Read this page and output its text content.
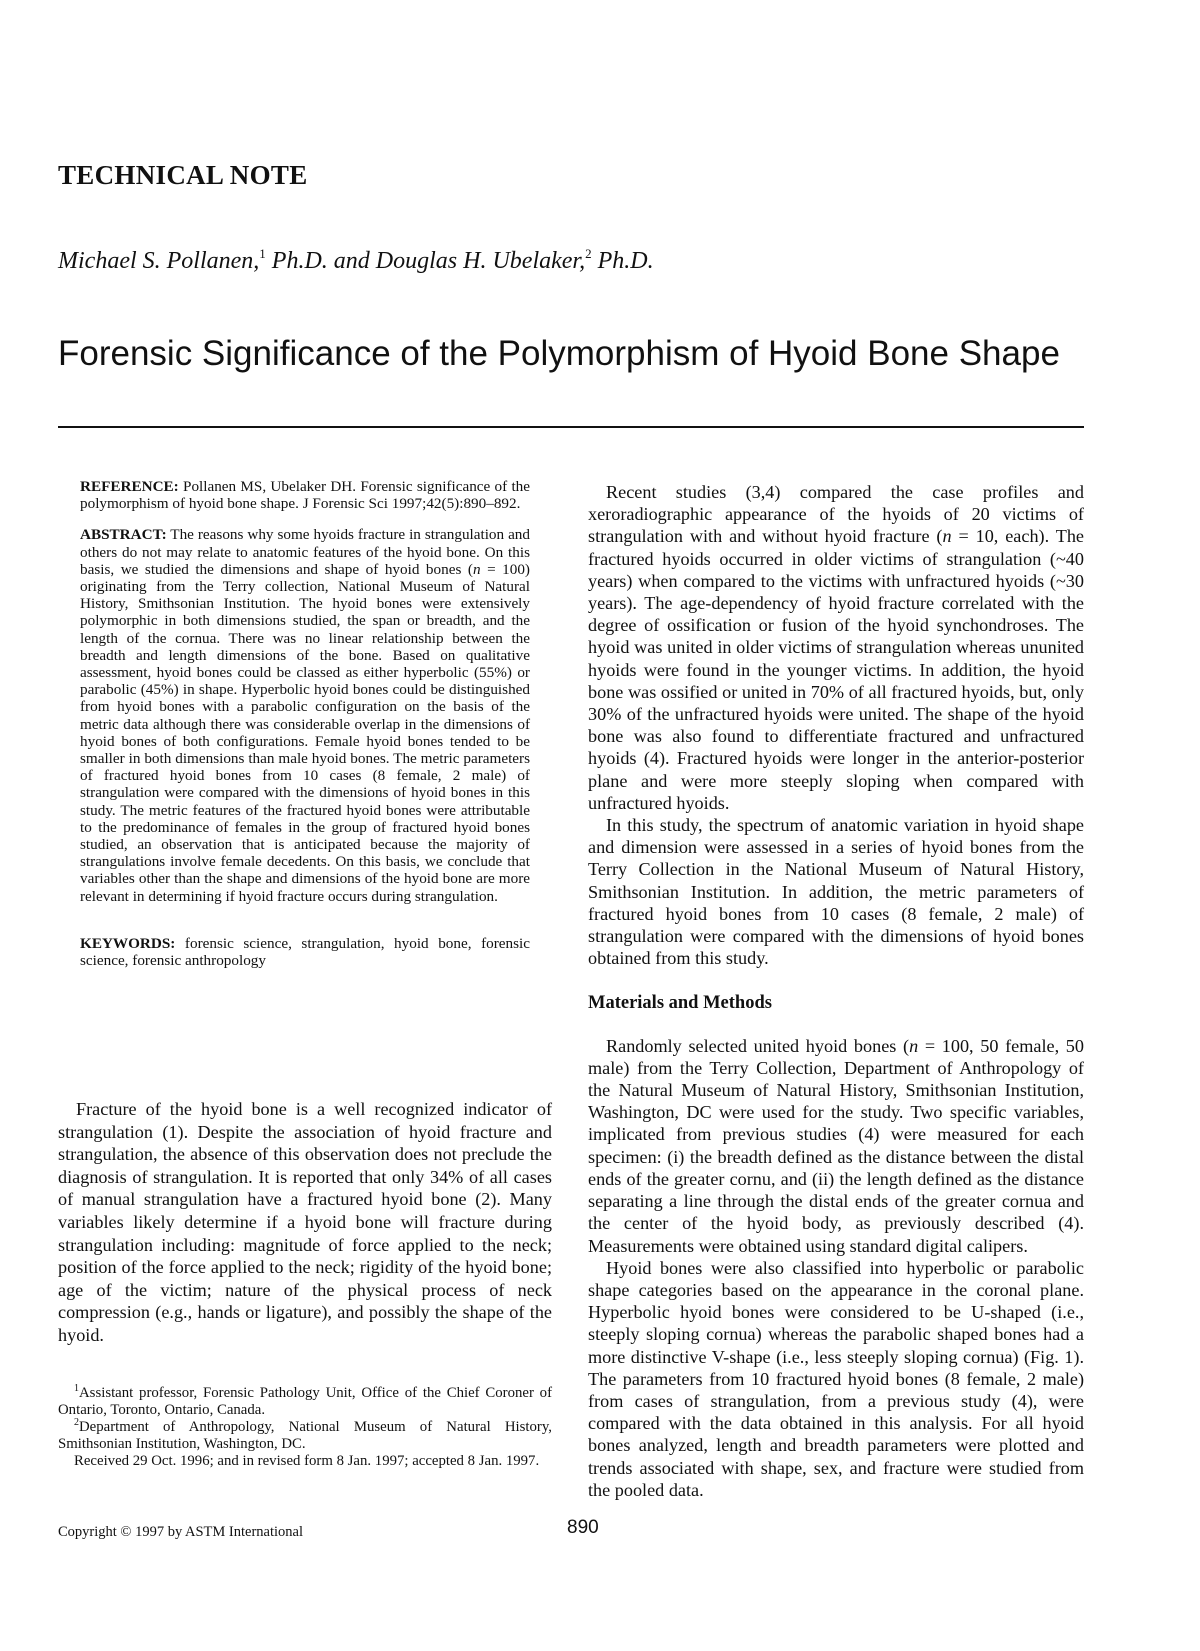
TECHNICAL NOTE
Michael S. Pollanen,$^1$ Ph.D. and Douglas H. Ubelaker,$^2$ Ph.D.
Forensic Significance of the Polymorphism of Hyoid Bone Shape

REFERENCE: Pollanen MS, Ubelaker DH. Forensic significance of the polymorphism of hyoid bone shape. J Forensic Sci 1997;42(5):890–892.

ABSTRACT: The reasons why some hyoids fracture in strangulation and others do not may relate to anatomic features of the hyoid bone. On this basis, we studied the dimensions and shape of hyoid bones (n = 100) originating from the Terry collection, National Museum of Natural History, Smithsonian Institution. The hyoid bones were extensively polymorphic in both dimensions studied, the span or breadth, and the length of the cornua. There was no linear relationship between the breadth and length dimensions of the bone. Based on qualitative assessment, hyoid bones could be classed as either hyperbolic (55%) or parabolic (45%) in shape. Hyperbolic hyoid bones could be distinguished from hyoid bones with a parabolic configuration on the basis of the metric data although there was considerable overlap in the dimensions of hyoid bones of both configurations. Female hyoid bones tended to be smaller in both dimensions than male hyoid bones. The metric parameters of fractured hyoid bones from 10 cases (8 female, 2 male) of strangulation were compared with the dimensions of hyoid bones in this study. The metric features of the fractured hyoid bones were attributable to the predominance of females in the group of fractured hyoid bones studied, an observation that is anticipated because the majority of strangulations involve female decedents. On this basis, we conclude that variables other than the shape and dimensions of the hyoid bone are more relevant in determining if hyoid fracture occurs during strangulation.

KEYWORDS: forensic science, strangulation, hyoid bone, forensic science, forensic anthropology

Fracture of the hyoid bone is a well recognized indicator of strangulation (1). Despite the association of hyoid fracture and strangulation, the absence of this observation does not preclude the diagnosis of strangulation. It is reported that only 34% of all cases of manual strangulation have a fractured hyoid bone (2). Many variables likely determine if a hyoid bone will fracture during strangulation including: magnitude of force applied to the neck; position of the force applied to the neck; rigidity of the hyoid bone; age of the victim; nature of the physical process of neck compression (e.g., hands or ligature), and possibly the shape of the hyoid.

$^1$Assistant professor, Forensic Pathology Unit, Office of the Chief Coroner of Ontario, Toronto, Ontario, Canada.

$^2$Department of Anthropology, National Museum of Natural History, Smithsonian Institution, Washington, DC.

Received 29 Oct. 1996; and in revised form 8 Jan. 1997; accepted 8 Jan. 1997.

Recent studies (3,4) compared the case profiles and xeroradiographic appearance of the hyoids of 20 victims of strangulation with and without hyoid fracture (n = 10, each). The fractured hyoids occurred in older victims of strangulation (~40 years) when compared to the victims with unfractured hyoids (~30 years). The age-dependency of hyoid fracture correlated with the degree of ossification or fusion of the hyoid synchondroses. The hyoid was united in older victims of strangulation whereas ununited hyoids were found in the younger victims. In addition, the hyoid bone was ossified or united in 70% of all fractured hyoids, but, only 30% of the unfractured hyoids were united. The shape of the hyoid bone was also found to differentiate fractured and unfractured hyoids (4). Fractured hyoids were longer in the anterior-posterior plane and were more steeply sloping when compared with unfractured hyoids.

In this study, the spectrum of anatomic variation in hyoid shape and dimension were assessed in a series of hyoid bones from the Terry Collection in the National Museum of Natural History, Smithsonian Institution. In addition, the metric parameters of fractured hyoid bones from 10 cases (8 female, 2 male) of strangulation were compared with the dimensions of hyoid bones obtained from this study.

Materials and Methods

Randomly selected united hyoid bones (n = 100, 50 female, 50 male) from the Terry Collection, Department of Anthropology of the Natural Museum of Natural History, Smithsonian Institution, Washington, DC were used for the study. Two specific variables, implicated from previous studies (4) were measured for each specimen: (i) the breadth defined as the distance between the distal ends of the greater cornu, and (ii) the length defined as the distance separating a line through the distal ends of the greater cornua and the center of the hyoid body, as previously described (4). Measurements were obtained using standard digital calipers.

Hyoid bones were also classified into hyperbolic or parabolic shape categories based on the appearance in the coronal plane. Hyperbolic hyoid bones were considered to be U-shaped (i.e., steeply sloping cornua) whereas the parabolic shaped bones had a more distinctive V-shape (i.e., less steeply sloping cornua) (Fig. 1). The parameters from 10 fractured hyoid bones (8 female, 2 male) from cases of strangulation, from a previous study (4), were compared with the data obtained in this analysis. For all hyoid bones analyzed, length and breadth parameters were plotted and trends associated with shape, sex, and fracture were studied from the pooled data.

Copyright © 1997 by ASTM International	890
